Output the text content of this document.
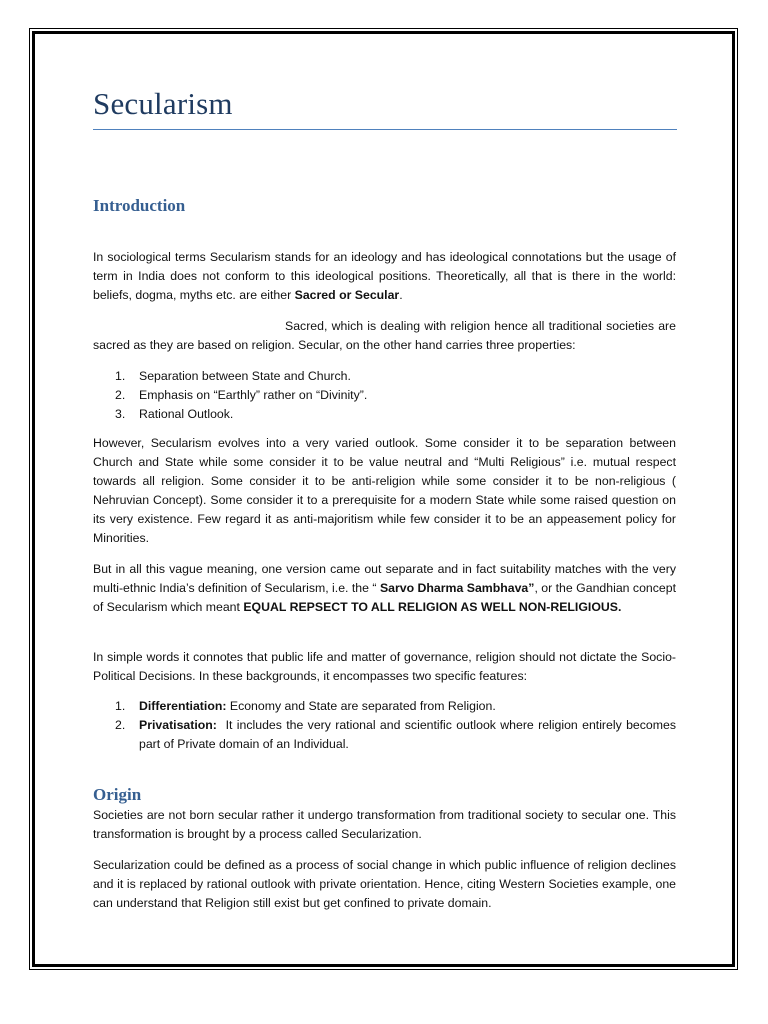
Secularism
Introduction

In sociological terms Secularism stands for an ideology and has ideological connotations but the usage of term in India does not conform to this ideological positions. Theoretically, all that is there in the world: beliefs, dogma, myths etc. are either Sacred or Secular.

Sacred, which is dealing with religion hence all traditional societies are sacred as they are based on religion. Secular, on the other hand carries three properties:

1. Separation between State and Church.
2. Emphasis on “Earthly” rather on “Divinity”.
3. Rational Outlook.

However, Secularism evolves into a very varied outlook. Some consider it to be separation between Church and State while some consider it to be value neutral and “Multi Religious” i.e. mutual respect towards all religion. Some consider it to be anti-religion while some consider it to be non-religious ( Nehruvian Concept). Some consider it to a prerequisite for a modern State while some raised question on its very existence. Few regard it as anti-majoritism while few consider it to be an appeasement policy for Minorities.

But in all this vague meaning, one version came out separate and in fact suitability matches with the very multi-ethnic India’s definition of Secularism, i.e. the “ Sarvo Dharma Sambhava”, or the Gandhian concept of Secularism which meant EQUAL REPSECT TO ALL RELIGION AS WELL NON-RELIGIOUS.

In simple words it connotes that public life and matter of governance, religion should not dictate the Socio-Political Decisions. In these backgrounds, it encompasses two specific features:

1. Differentiation: Economy and State are separated from Religion.
2. Privatisation:  It includes the very rational and scientific outlook where religion entirely becomes part of Private domain of an Individual.
Origin

Societies are not born secular rather it undergo transformation from traditional society to secular one. This transformation is brought by a process called Secularization.

Secularization could be defined as a process of social change in which public influence of religion declines and it is replaced by rational outlook with private orientation. Hence, citing Western Societies example, one can understand that Religion still exist but get confined to private domain.
